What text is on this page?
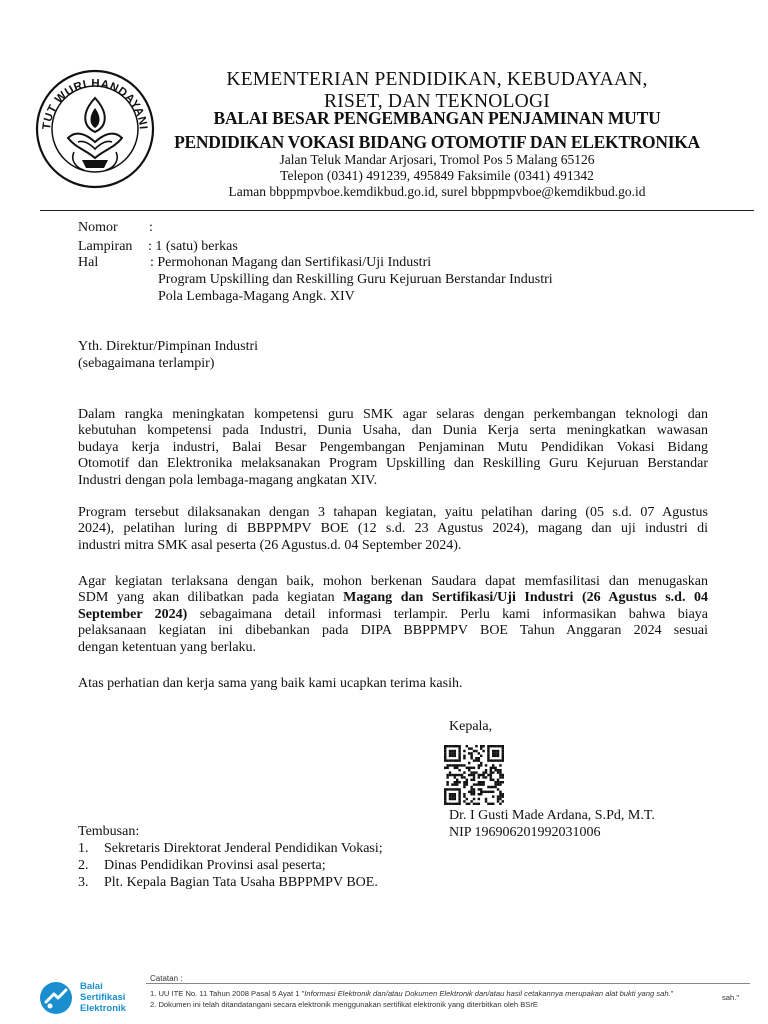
TUT WURI HANDAYANI
KEMENTERIAN PENDIDIKAN, KEBUDAYAAN,
RISET, DAN TEKNOLOGI
BALAI BESAR PENGEMBANGAN PENJAMINAN MUTU
PENDIDIKAN VOKASI BIDANG OTOMOTIF DAN ELEKTRONIKA
Jalan Teluk Mandar Arjosari, Tromol Pos 5 Malang 65126
Telepon (0341) 491239, 495849 Faksimile (0341) 491342
Laman bbppmpvboe.kemdikbud.go.id, surel bbppmpvboe@kemdikbud.go.id
Nomor :
Lampiran : 1 (satu) berkas
Hal	: Permohonan Magang dan Sertifikasi/Uji Industri
Program Upskilling dan Reskilling Guru Kejuruan Berstandar Industri
Pola Lembaga-Magang Angk. XIV
Yth. Direktur/Pimpinan Industri
(sebagaimana terlampir)
Dalam rangka meningkatan kompetensi guru SMK agar selaras dengan perkembangan teknologi dan
kebutuhan kompetensi pada Industri, Dunia Usaha, dan Dunia Kerja serta meningkatkan wawasan
budaya kerja industri, Balai Besar Pengembangan Penjaminan Mutu Pendidikan Vokasi Bidang
Otomotif dan Elektronika melaksanakan Program Upskilling dan Reskilling Guru Kejuruan Berstandar
Industri dengan pola lembaga-magang angkatan XIV.
Program tersebut dilaksanakan dengan 3 tahapan kegiatan, yaitu pelatihan daring (05 s.d. 07 Agustus
2024), pelatihan luring di BBPPMPV BOE (12 s.d. 23 Agustus 2024), magang dan uji industri di
industri mitra SMK asal peserta (26 Agustus.d. 04 September 2024).
Agar kegiatan terlaksana dengan baik, mohon berkenan Saudara dapat memfasilitasi dan menugaskan
SDM yang akan dilibatkan pada kegiatan Magang dan Sertifikasi/Uji Industri (26 Agustus s.d. 04
September 2024) sebagaimana detail informasi terlampir. Perlu kami informasikan bahwa biaya
pelaksanaan kegiatan ini dibebankan pada DIPA BBPPMPV BOE Tahun Anggaran 2024 sesuai
dengan ketentuan yang berlaku.
Atas perhatian dan kerja sama yang baik kami ucapkan terima kasih.
Kepala,
Dr. I Gusti Made Ardana, S.Pd, M.T.
NIP 196906201992031006
Tembusan:
1. Sekretaris Direktorat Jenderal Pendidikan Vokasi;
2. Dinas Pendidikan Provinsi asal peserta;
3. Plt. Kepala Bagian Tata Usaha BBPPMPV BOE.
Balai
Sertifikasi
Elektronik
Catatan :
1. UU ITE No. 11 Tahun 2008 Pasal 5 Ayat 1 "Informasi Elektronik dan/atau Dokumen Elektronik dan/atau hasil cetakannya merupakan alat bukti yang sah."	sah."
2. Dokumen ini telah ditandatangani secara elektronik menggunakan sertifikat elektronik yang diterbitkan oleh BSrE
